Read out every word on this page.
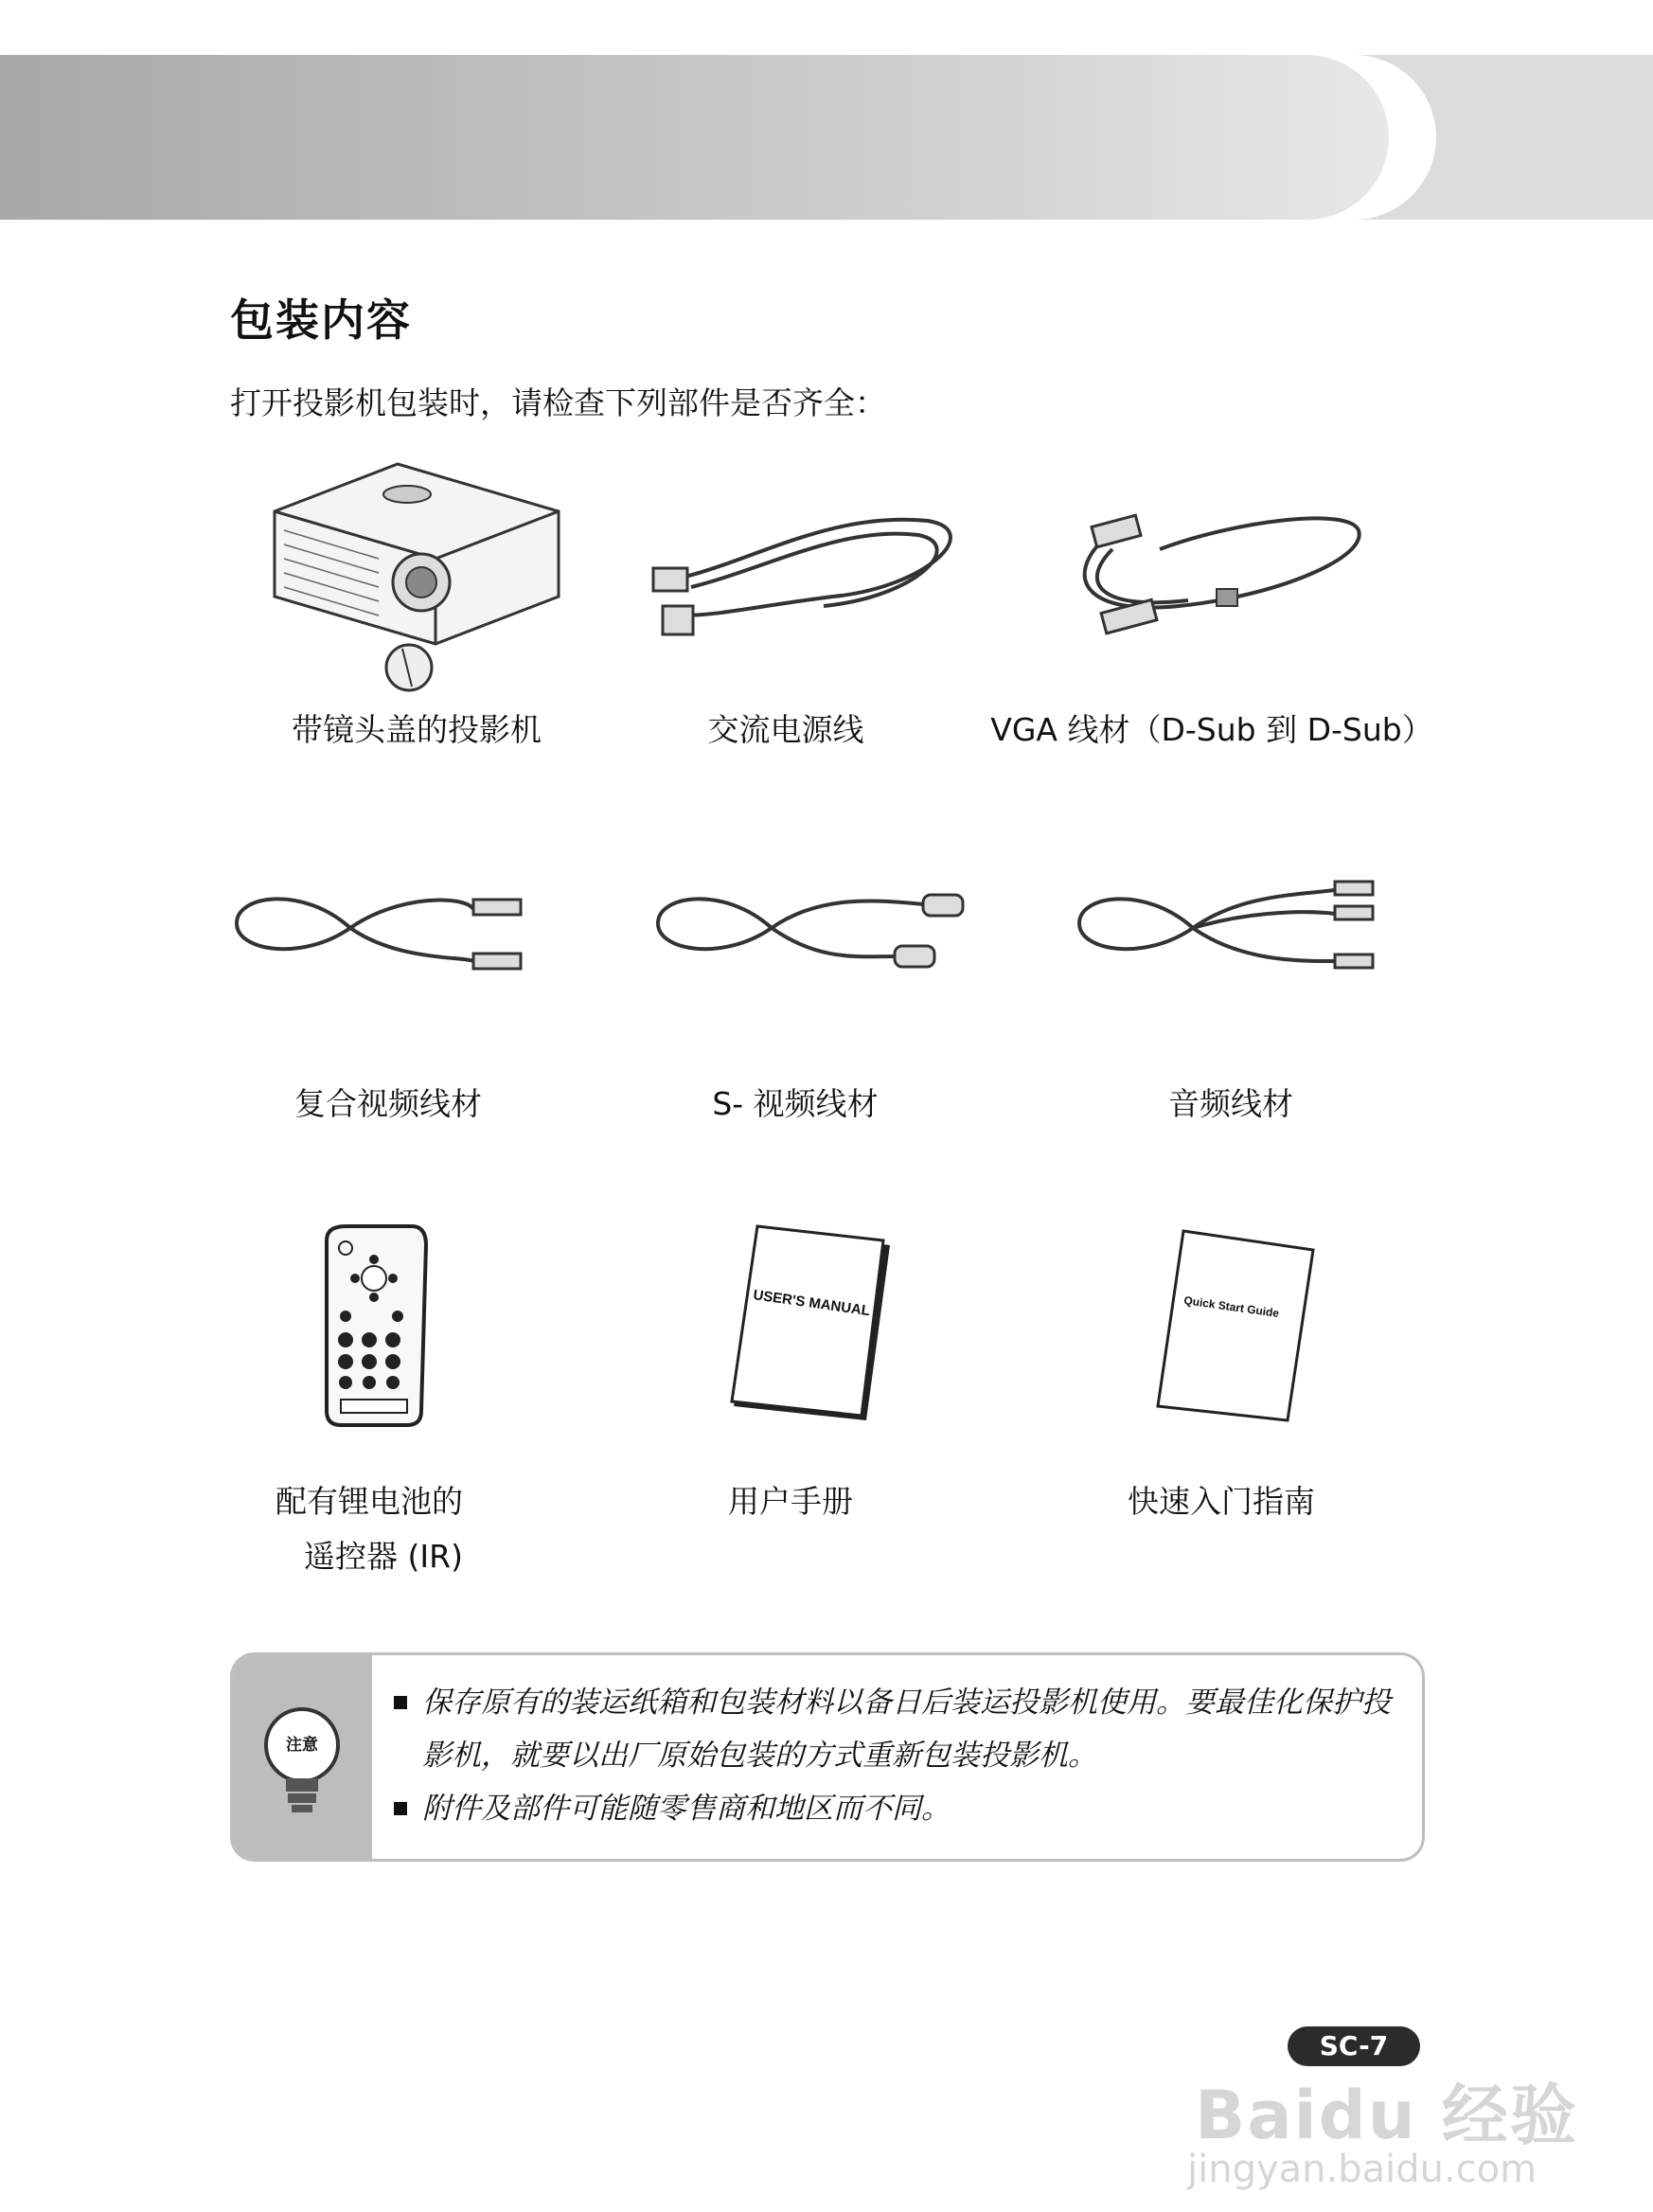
包装内容
打开投影机包装时，请检查下列部件是否齐全：
带镜头盖的投影机	交流电源线	VGA 线材（D-Sub 到 D-Sub）
复合视频线材	S- 视频线材	音频线材
USER'S MANUAL	Quick Start Guide
配有锂电池的
遥控器 (IR)
用户手册	快速入门指南
注意
保存原有的装运纸箱和包装材料以备日后装运投影机使用。要最佳化保护投
影机，就要以出厂原始包装的方式重新包装投影机。
附件及部件可能随零售商和地区而不同。
SC-7
Baidu 经验
jingyan.baidu.com
